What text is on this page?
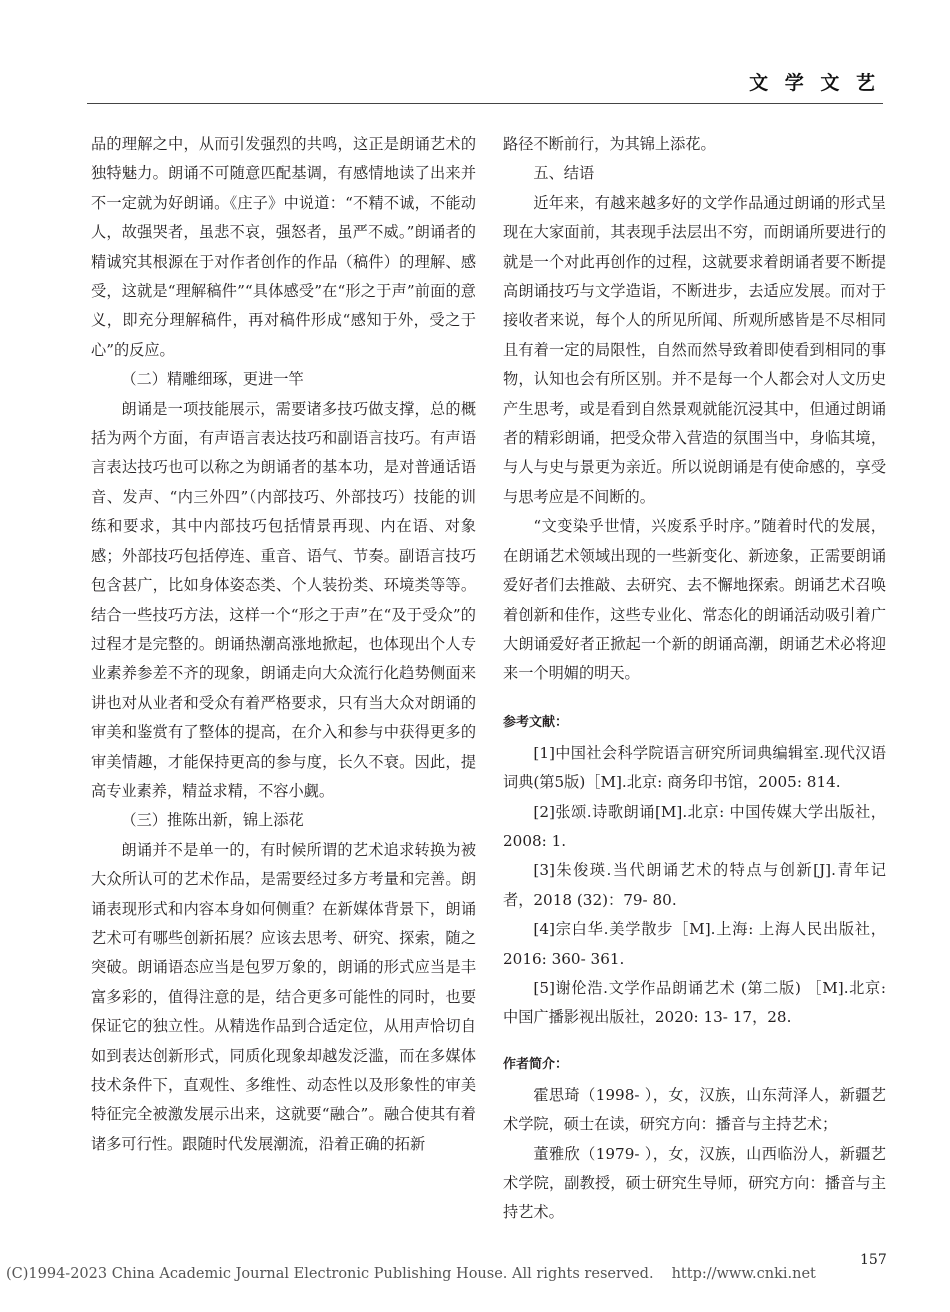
文 学 文 艺

品的理解之中，从而引发强烈的共鸣，这正是朗诵艺术的独特魅力。朗诵不可随意匹配基调，有感情地读了出来并不一定就为好朗诵。《庄子》中说道：“不精不诚，不能动人，故强哭者，虽悲不哀，强怒者，虽严不威。”朗诵者的精诚究其根源在于对作者创作的作品（稿件）的理解、感受，这就是“理解稿件”“具体感受”在“形之于声”前面的意义，即充分理解稿件，再对稿件形成“感知于外，受之于心”的反应。

（二）精雕细琢，更进一竿

朗诵是一项技能展示，需要诸多技巧做支撑，总的概括为两个方面，有声语言表达技巧和副语言技巧。有声语言表达技巧也可以称之为朗诵者的基本功，是对普通话语音、发声、“内三外四”（内部技巧、外部技巧）技能的训练和要求，其中内部技巧包括情景再现、内在语、对象感；外部技巧包括停连、重音、语气、节奏。副语言技巧包含甚广，比如身体姿态类、个人装扮类、环境类等等。结合一些技巧方法，这样一个“形之于声”在“及于受众”的过程才是完整的。朗诵热潮高涨地掀起，也体现出个人专业素养参差不齐的现象，朗诵走向大众流行化趋势侧面来讲也对从业者和受众有着严格要求，只有当大众对朗诵的审美和鉴赏有了整体的提高，在介入和参与中获得更多的审美情趣，才能保持更高的参与度，长久不衰。因此，提高专业素养，精益求精，不容小觑。

（三）推陈出新，锦上添花

朗诵并不是单一的，有时候所谓的艺术追求转换为被大众所认可的艺术作品，是需要经过多方考量和完善。朗诵表现形式和内容本身如何侧重？在新媒体背景下，朗诵艺术可有哪些创新拓展？应该去思考、研究、探索，随之突破。朗诵语态应当是包罗万象的，朗诵的形式应当是丰富多彩的，值得注意的是，结合更多可能性的同时，也要保证它的独立性。从精选作品到合适定位，从用声恰切自如到表达创新形式，同质化现象却越发泛滥，而在多媒体技术条件下，直观性、多维性、动态性以及形象性的审美特征完全被激发展示出来，这就要“融合”。融合使其有着诸多可行性。跟随时代发展潮流，沿着正确的拓新

路径不断前行，为其锦上添花。

五、结语

近年来，有越来越多好的文学作品通过朗诵的形式呈现在大家面前，其表现手法层出不穷，而朗诵所要进行的就是一个对此再创作的过程，这就要求着朗诵者要不断提高朗诵技巧与文学造诣，不断进步，去适应发展。而对于接收者来说，每个人的所见所闻、所观所感皆是不尽相同且有着一定的局限性，自然而然导致着即使看到相同的事物，认知也会有所区别。并不是每一个人都会对人文历史产生思考，或是看到自然景观就能沉浸其中，但通过朗诵者的精彩朗诵，把受众带入营造的氛围当中，身临其境，与人与史与景更为亲近。所以说朗诵是有使命感的，享受与思考应是不间断的。

“文变染乎世情，兴废系乎时序。”随着时代的发展，在朗诵艺术领域出现的一些新变化、新迹象，正需要朗诵爱好者们去推敲、去研究、去不懈地探索。朗诵艺术召唤着创新和佳作，这些专业化、常态化的朗诵活动吸引着广大朗诵爱好者正掀起一个新的朗诵高潮，朗诵艺术必将迎来一个明媚的明天。

参考文献：

[1]中国社会科学院语言研究所词典编辑室.现代汉语词典(第5版)［M].北京: 商务印书馆，2005: 814.

[2]张颂.诗歌朗诵[M].北京: 中国传媒大学出版社，2008: 1.

[3]朱俊瑛.当代朗诵艺术的特点与创新[J].青年记者，2018 (32)：79- 80.

[4]宗白华.美学散步［M].上海: 上海人民出版社，2016: 360- 361.

[5]谢伦浩.文学作品朗诵艺术 (第二版) ［M].北京: 中国广播影视出版社，2020: 13- 17，28.

作者简介：

霍思琦（1998- ），女，汉族，山东菏泽人，新疆艺术学院，硕士在读，研究方向：播音与主持艺术；

董雅欣（1979- ），女，汉族，山西临汾人，新疆艺术学院，副教授，硕士研究生导师，研究方向：播音与主持艺术。

157
(C)1994-2023 China Academic Journal Electronic Publishing House. All rights reserved. http://www.cnki.net
